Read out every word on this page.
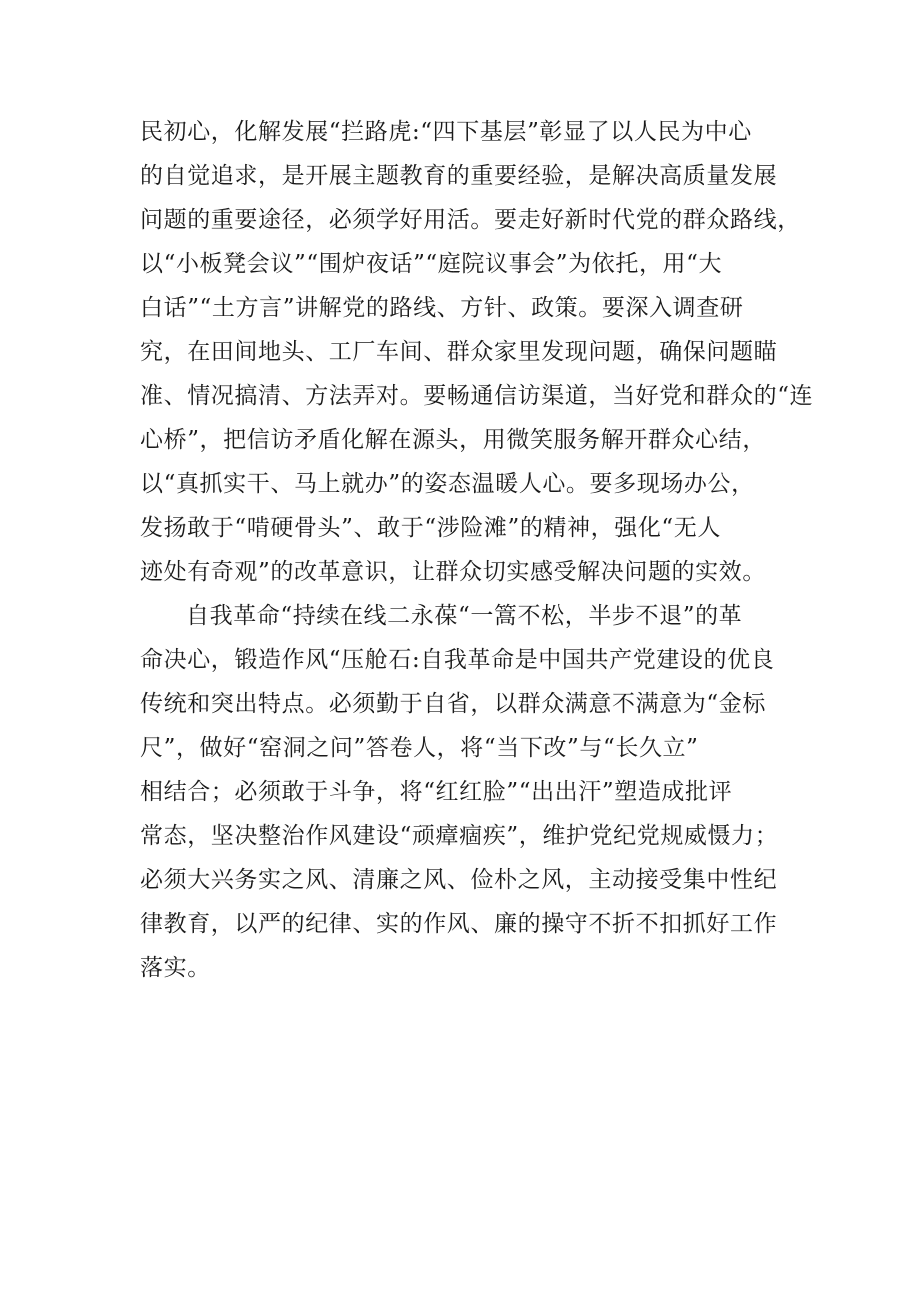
民初心，化解发展“拦路虎:“四下基层”彰显了以人民为中心
的自觉追求，是开展主题教育的重要经验，是解决高质量发展
问题的重要途径，必须学好用活。要走好新时代党的群众路线，
以“小板凳会议”“围炉夜话”“庭院议事会”为依托，用“大
白话”“土方言”讲解党的路线、方针、政策。要深入调查研
究，在田间地头、工厂车间、群众家里发现问题，确保问题瞄
准、情况搞清、方法弄对。要畅通信访渠道，当好党和群众的“连
心桥”，把信访矛盾化解在源头，用微笑服务解开群众心结，
以“真抓实干、马上就办”的姿态温暖人心。要多现场办公，
发扬敢于“啃硬骨头”、敢于“涉险滩”的精神，强化“无人
迹处有奇观”的改革意识，让群众切实感受解决问题的实效。
自我革命“持续在线二永葆“一篙不松，半步不退”的革
命决心，锻造作风“压舱石:自我革命是中国共产党建设的优良
传统和突出特点。必须勤于自省，以群众满意不满意为“金标
尺”，做好“窑洞之问”答卷人，将“当下改”与“长久立”
相结合；必须敢于斗争，将“红红脸”“出出汗”塑造成批评
常态，坚决整治作风建设“顽瘴痼疾”，维护党纪党规威慑力；
必须大兴务实之风、清廉之风、俭朴之风，主动接受集中性纪
律教育，以严的纪律、实的作风、廉的操守不折不扣抓好工作
落实。
